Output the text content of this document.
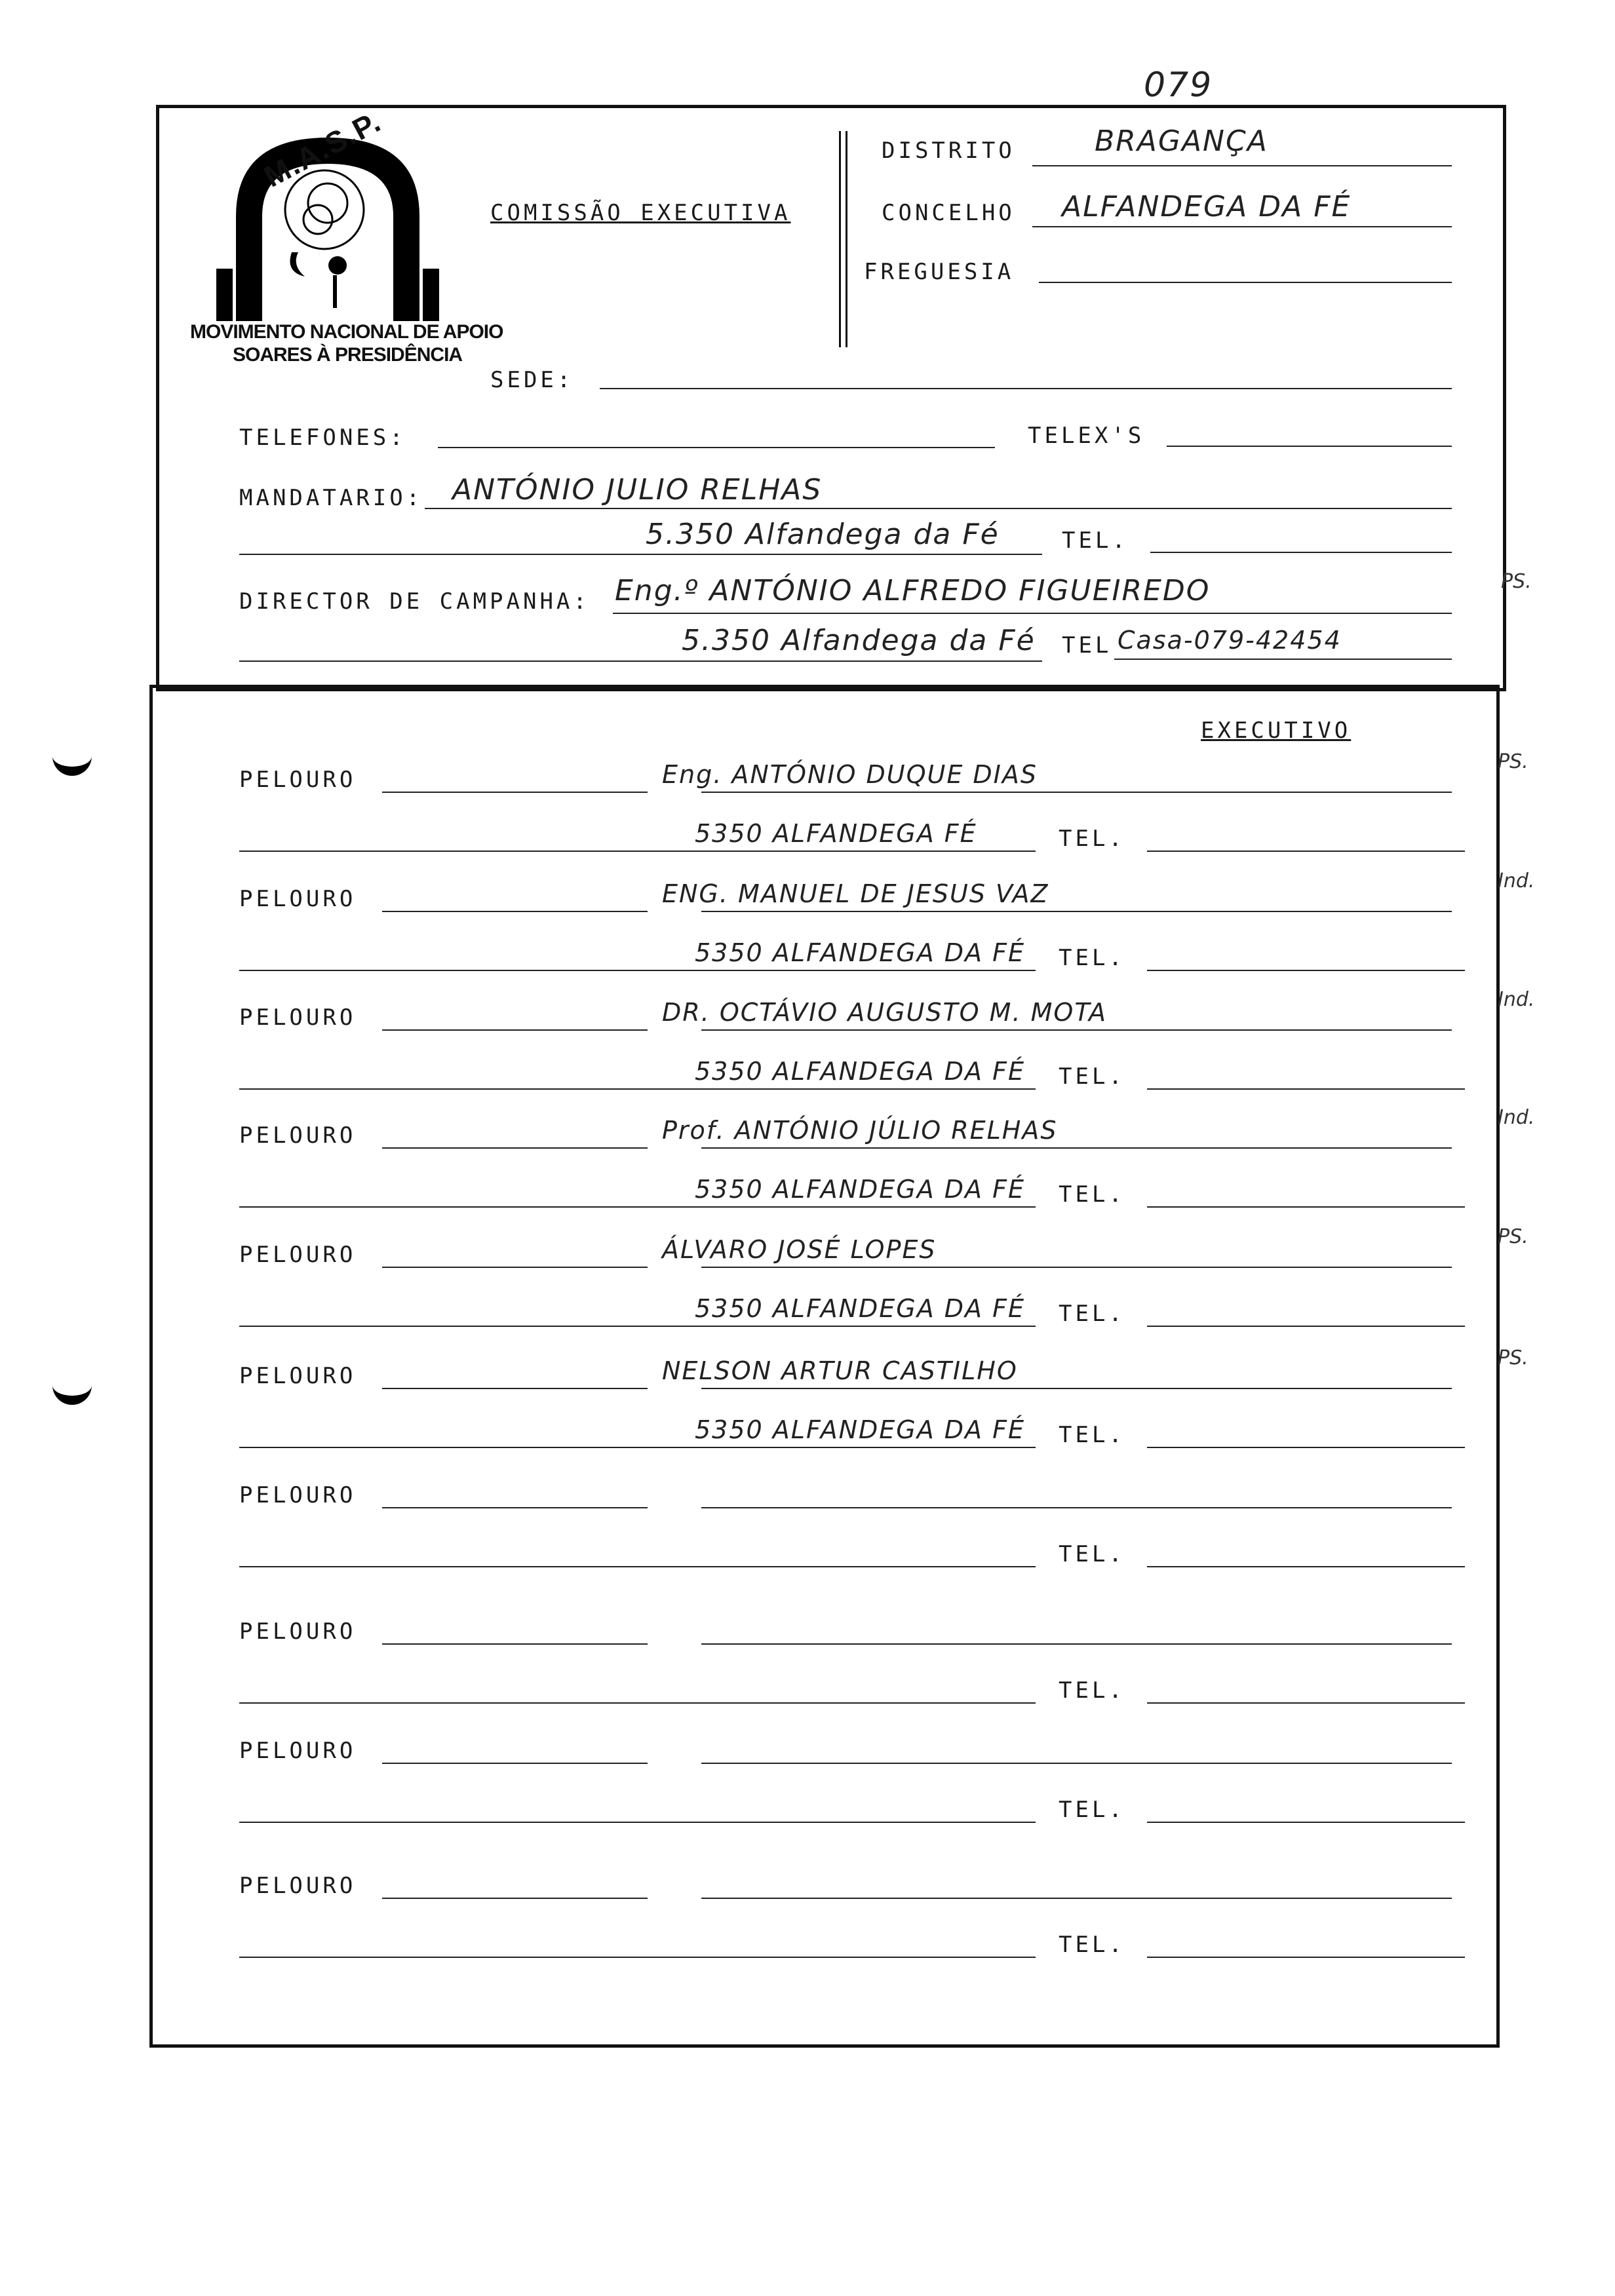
079
M.A.S.P.
MOVIMENTO NACIONAL DE APOIO
SOARES À PRESIDÊNCIA
COMISSÃO EXECUTIVA
DISTRITO	BRAGANÇA
CONCELHO ALFANDEGA DA FÉ
FREGUESIA
SEDE:
TELEFONES:	TELEX'S
MANDATARIO: ANTÓNIO JULIO RELHAS
5.350 Alfandega da Fé	TEL.
DIRECTOR DE CAMPANHA: Eng.º ANTÓNIO ALFREDO FIGUEIREDO
5.350 Alfandega da Fé TEL Casa-079-42454
PS.
EXECUTIVO
PELOURO	Eng. ANTÓNIO DUQUE DIAS
5350 ALFANDEGA FÉ	TEL.
PS.
PELOURO	ENG. MANUEL DE JESUS VAZ
5350 ALFANDEGA DA FÉ TEL.
Ind.
PELOURO	DR. OCTÁVIO AUGUSTO M. MOTA
5350 ALFANDEGA DA FÉ TEL.
Ind.
PELOURO	Prof. ANTÓNIO JÚLIO RELHAS
5350 ALFANDEGA DA FÉ TEL.
Ind.
PELOURO	ÁLVARO JOSÉ LOPES
5350 ALFANDEGA DA FÉ TEL.
PS.
PELOURO	NELSON ARTUR CASTILHO
5350 ALFANDEGA DA FÉ TEL.
PS.
PELOURO
TEL.
PELOURO
TEL.
PELOURO
TEL.
PELOURO
TEL.
